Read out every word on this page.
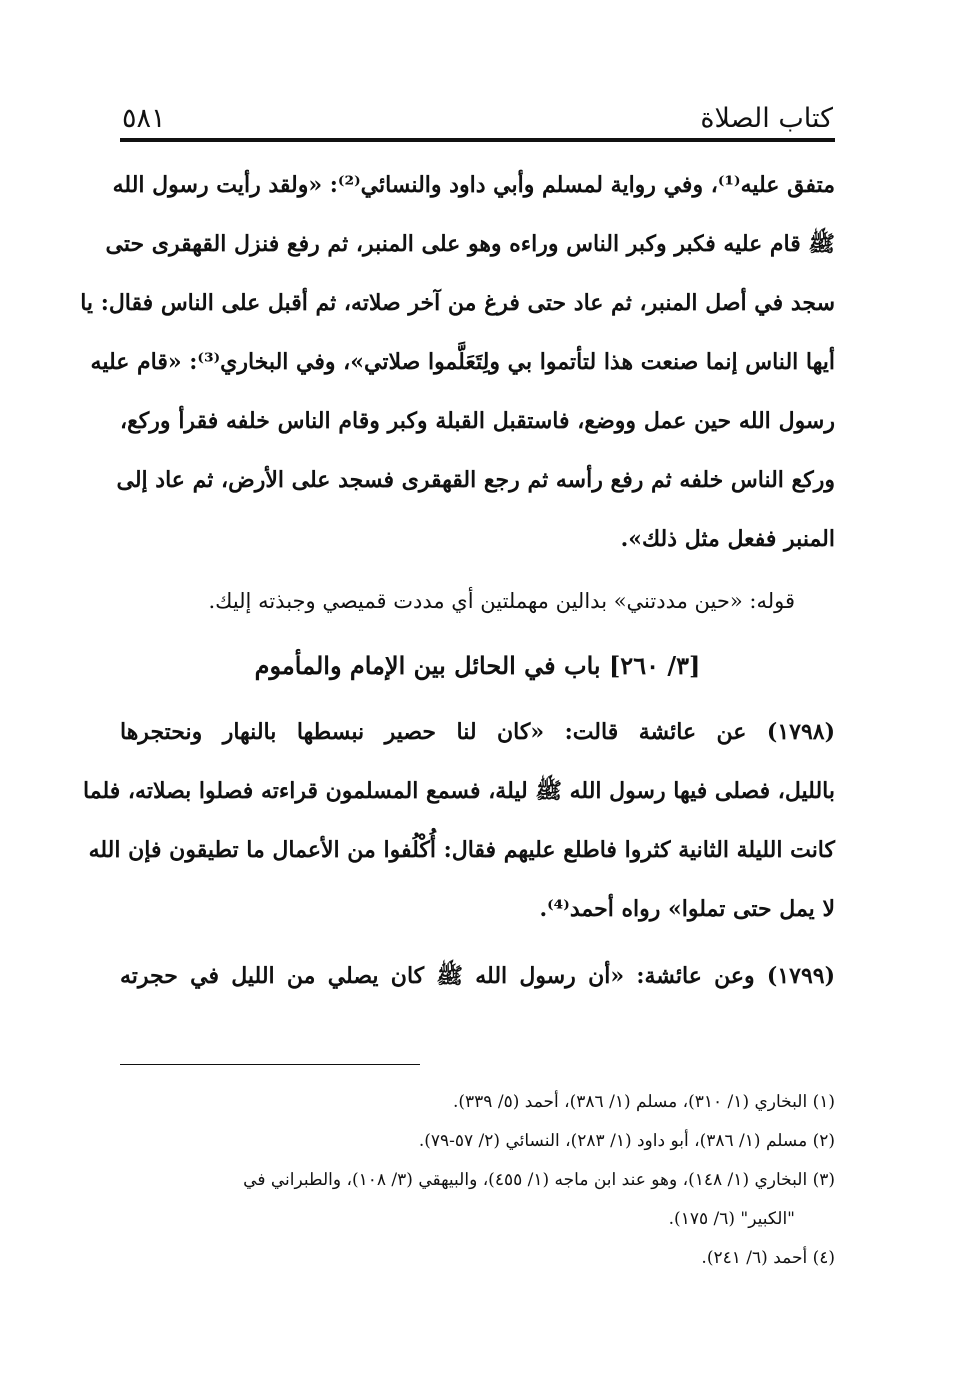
كتاب الصلاة
٥٨١
متفق عليه⁽¹⁾، وفي رواية لمسلم وأبي داود والنسائي⁽²⁾: «ولقد رأيت رسول الله
ﷺ قام عليه فكبر وكبر الناس وراءه وهو على المنبر، ثم رفع فنزل القهقرى حتى
سجد في أصل المنبر، ثم عاد حتى فرغ من آخر صلاته، ثم أقبل على الناس فقال: يا
أيها الناس إنما صنعت هذا لتأتموا بي ولِتَعَلَّموا صلاتي»، وفي البخاري⁽³⁾: «قام عليه
رسول الله حين عمل ووضع، فاستقبل القبلة وكبر وقام الناس خلفه فقرأ وركع،
وركع الناس خلفه ثم رفع رأسه ثم رجع القهقرى فسجد على الأرض، ثم عاد إلى
المنبر ففعل مثل ذلك».
قوله: «حين مددتني» بدالين مهملتين أي مددت قميصي وجبذته إليك.
[٣/ ٢٦٠] باب في الحائل بين الإمام والمأموم
(١٧٩٨) عن عائشة قالت: «كان لنا حصير نبسطها بالنهار ونحتجرها
بالليل، فصلى فيها رسول الله ﷺ ليلة، فسمع المسلمون قراءته فصلوا بصلاته، فلما
كانت الليلة الثانية كثروا فاطلع عليهم فقال: أُكْلُفوا من الأعمال ما تطيقون فإن الله
لا يمل حتى تملوا» رواه أحمد⁽⁴⁾.
(١٧٩٩) وعن عائشة: «أن رسول الله ﷺ كان يصلي من الليل في حجرته
(١) البخاري (١/ ٣١٠)، مسلم (١/ ٣٨٦)، أحمد (٥/ ٣٣٩).
(٢) مسلم (١/ ٣٨٦)، أبو داود (١/ ٢٨٣)، النسائي (٢/ ٥٧-٧٩).
(٣) البخاري (١/ ١٤٨)، وهو عند ابن ماجه (١/ ٤٥٥)، والبيهقي (٣/ ١٠٨)، والطبراني في
"الكبير" (٦/ ١٧٥).
(٤) أحمد (٦/ ٢٤١).
